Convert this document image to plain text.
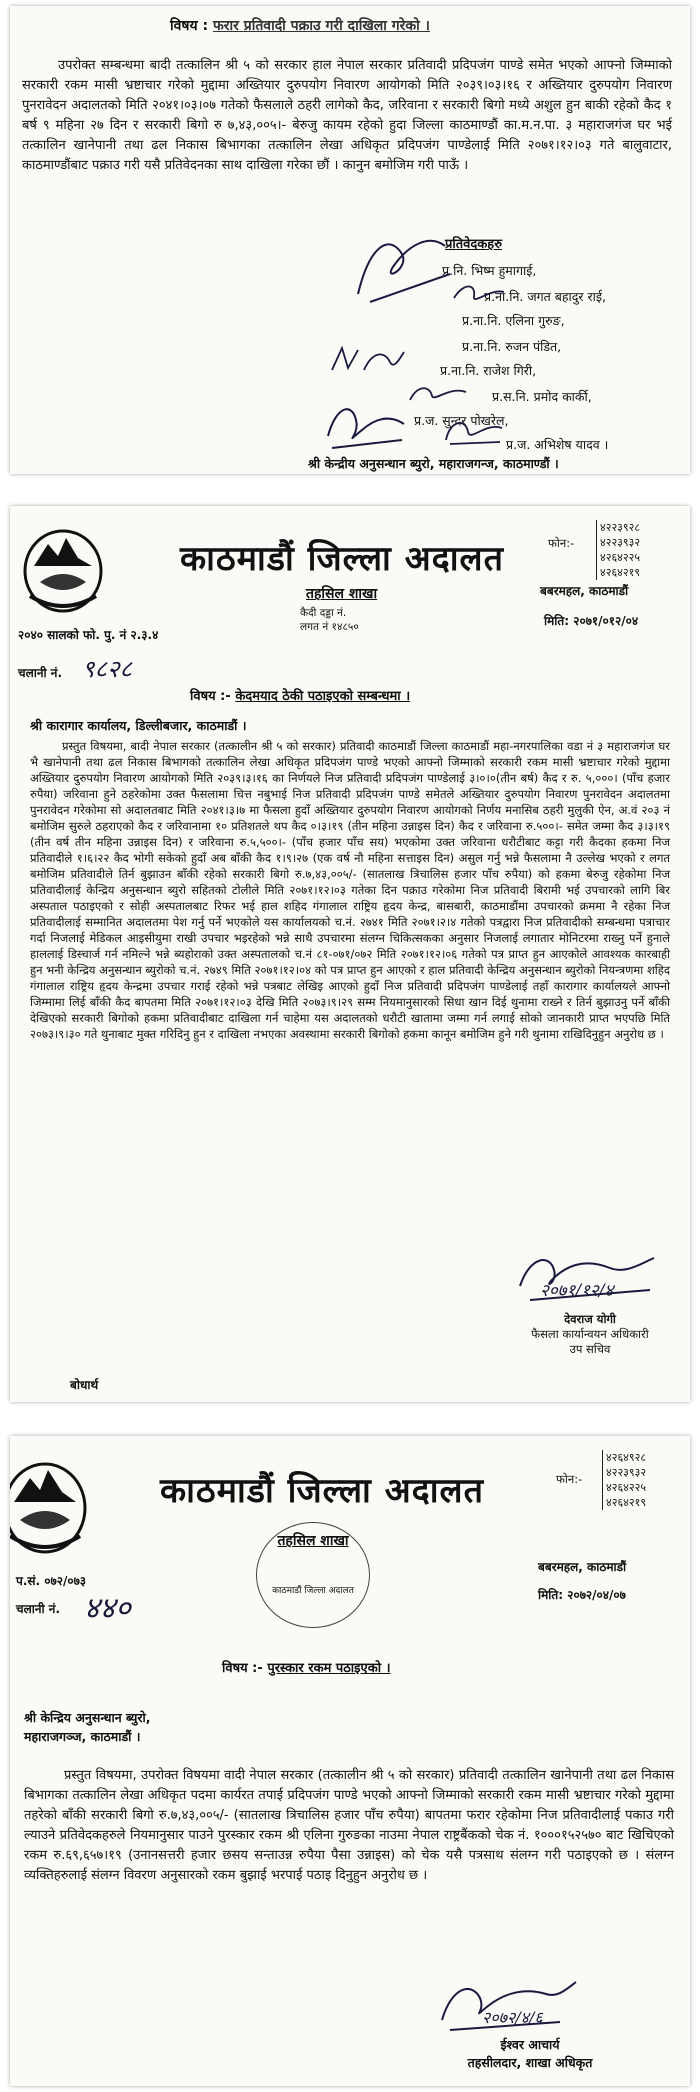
विषय : फरार प्रतिवादी पक्राउ गरी दाखिला गरेको ।
उपरोक्त सम्बन्धमा बादी तत्कालिन श्री ५ को सरकार हाल नेपाल सरकार प्रतिवादी प्रदिपजंग पाण्डे समेत भएको आफ्नो जिम्माको सरकारी रकम मासी भ्रष्टाचार गरेको मुद्दामा अख्तियार दुरुपयोग निवारण आयोगको मिति २०३९।०३।१६ र अख्तियार दुरुपयोग निवारण पुनरावेदन अदालतको मिति २०४१।०३।०७ गतेको फैसलाले ठहरी लागेको कैद, जरिवाना र सरकारी बिगो मध्ये अशुल हुन बाकी रहेको कैद १ बर्ष ९ महिना २७ दिन र सरकारी बिगो रु ७,४३,००५।- बेरुजु कायम रहेको हुदा जिल्ला काठमाण्डौं का.म.न.पा. ३ महाराजगंज घर भई तत्कालिन खानेपानी तथा ढल निकास बिभागका तत्कालिन लेखा अधिकृत प्रदिपजंग पाण्डेलाई मिति २०७१।१२।०३ गते बालुवाटार, काठमाण्डौंबाट पक्राउ गरी यसै प्रतिवेदनका साथ दाखिला गरेका छौं । कानुन बमोजिम गरी पाऊँ ।
प्रतिवेदकहरु
प्र.नि. भिष्म हुमागाई,
प्र.ना.नि. जगत बहादुर राई,
प्र.ना.नि. एलिना गुरुङ,
प्र.ना.नि. रुजन पंडित,
प्र.ना.नि. राजेश गिरी,
प्र.स.नि. प्रमोद कार्की,
प्र.ज. सुन्दर पोखरेल,
प्र.ज. अभिशेष यादव ।
श्री केन्द्रीय अनुसन्धान ब्युरो, महाराजगन्ज, काठमाण्डौं ।
काठमाडौं जिल्ला अदालत	फोन:-
४२२३९२८
४२२३९३२
४२६४२२५
४२६४२१९
तहसिल शाखा	बबरमहल, काठमाडौं
कैदी दड्डा नं.
लगत नं १४८५०
२०४० सालको फो. पु. नं २.३.४
मिति: २०७१/०१२/०४
चलानी नं. ९८२८
विषय :- केदमयाद ठेकी पठाइएको सम्बन्धमा ।
श्री कारागार कार्यालय, डिल्लीबजार, काठमाडौं ।
प्रस्तुत विषयमा, बादी नेपाल सरकार (तत्कालीन श्री ५ को सरकार) प्रतिवादी काठमाडौं जिल्ला काठमाडौं महा-नगरपालिका वडा नं ३ महाराजगंज घर भै खानेपानी तथा ढल निकास बिभागको तत्कालिन लेखा अधिकृत प्रदिपजंग पाण्डे भएको आफ्नो जिम्माको सरकारी रकम मासी भ्रष्टाचार गरेको मुद्दामा अख्तियार दुरुपयोग निवारण आयोगको मिति २०३९।३।१६ का निर्णयले निज प्रतिवादी प्रदिपजंग पाण्डेलाई ३।०।०(तीन बर्ष) कैद र रु. ५,०००। (पाँच हजार रुपैया) जरिवाना हुने ठहरेकोमा उक्त फैसलामा चित्त नबुभाई निज प्रतिवादी प्रदिपजंग पाण्डे समेतले अख्तियार दुरुपयोग निवारण पुनरावेदन अदालतमा पुनरावेदन गरेकोमा सो अदालतबाट मिति २०४१।३।७ मा फैसला हुदाँ अख्तियार दुरुपयोग निवारण आयोगको निर्णय मनासिब ठहरी मुलुकी ऐन, अ.वं २०३ नं बमोजिम सुरुले ठहराएको कैद र जरिवानामा १० प्रतिशतले थप कैद ०।३।१९ (तीन महिना उन्नाइस दिन) कैद र जरिवाना रु.५००।- समेत जम्मा कैद ३।३।१९ (तीन वर्ष तीन महिना उन्नाइस दिन) र जरिवाना रु.५,५००।- (पाँच हजार पाँच सय) भएकोमा उक्त जरिवाना धरौटीबाट कट्टा गरी कैदका हकमा निज प्रतिवादीले १।६।२२ कैद भोगी सकेको हुदाँ अब बाँकी कैद १।९।२७ (एक वर्ष नौ महिना सत्ताइस दिन) असुल गर्नु भन्ने फैसलामा नै उल्लेख भएको र लगत बमोजिम प्रतिवादीले तिर्न बुझाउन बाँकी रहेको सरकारी बिगो रु.७,४३,००५/- (सातलाख त्रिचालिस हजार पाँच रुपैया) को हकमा बेरुजु रहेकोमा निज प्रतिवादीलाई केन्द्रिय अनुसन्धान ब्युरो सहितको टोलीले मिति २०७१।१२।०३ गतेका दिन पक्राउ गरेकोमा निज प्रतिवादी बिरामी भई उपचारको लागि बिर अस्पताल पठाइएको र सोही अस्पतालबाट रिफर भई हाल शहिद गंगालाल राष्ट्रिय हृदय केन्द्र, बासबारी, काठमाडौंमा उपचारको क्रममा नै रहेका निज प्रतिवादीलाई सम्मानित अदालतमा पेश गर्नु पर्ने भएकोले यस कार्यालयको च.नं. २७४१ मिति २०७१।२।४ गतेको पत्रद्वारा निज प्रतिवादीको सम्बन्धमा पत्राचार गर्दा निजलाई मेडिकल आइसीयुमा राखी उपचार भइरहेको भन्ने साथै उपचारमा संलग्न चिकित्सकका अनुसार निजलाई लगातार मोनिटरमा राख्नु पर्ने हुनाले हाललाई डिस्चार्ज गर्न नमिल्ने भन्ने ब्यहोराको उक्त अस्पतालको च.नं ८१-०७१/०७२ मिति २०७१।१२।०६ गतेको पत्र प्राप्त हुन आएकोले आवश्यक कारबाही हुन भनी केन्द्रिय अनुसन्धान ब्युरोको च.नं. २७४९ मिति २०७१।१२।०४ को पत्र प्राप्त हुन आएको र हाल प्रतिवादी केन्द्रिय अनुसन्धान ब्युरोको नियन्त्रणमा शहिद गंगालाल राष्ट्रिय हृदय केन्द्रमा उपचार गराई रहेको भन्ने पत्रबाट लेखिइ आएको हुदाँ निज प्रतिवादी प्रदिपजंग पाण्डेलाई तहाँ कारागार कार्यालयले आफ्नो जिम्मामा लिई बाँकी कैद बापतमा मिति २०७१।१२।०३ देखि मिति २०७३।९।२९ सम्म नियमानुसारको सिधा खान दिई थुनामा राख्ने र तिर्न बुझाउनु पर्ने बाँकी देखिएको सरकारी बिगोको हकमा प्रतिवादीबाट दाखिला गर्न चाहेमा यस अदालतको धरौटी खातामा जम्मा गर्न लगाई सोको जानकारी प्राप्त भएपछि मिति २०७३।९।३० गते थुनाबाट मुक्त गरिदिनु हुन र दाखिला नभएका अवस्थामा सरकारी बिगोको हकमा कानून बमोजिम हुने गरी थुनामा राखिदिनुहुन अनुरोध छ ।
२०७१/१२/४
देवराज योगी
फैसला कार्यान्वयन अधिकारी
उप सचिव
बोधार्थ
काठमाडौं जिल्ला अदालत	फोन:-
४२६४९२८
४२२३९३२
४२६४२२५
४२६४२१९
तहसिल शाखा
काठमाडौं जिल्ला अदालत
प.सं. ०७२/०७३
चलानी नं. ४४०
बबरमहल, काठमाडौं
मिति: २०७२/०४/०७
विषय :- पुरस्कार रकम पठाइएको ।
श्री केन्द्रिय अनुसन्धान ब्युरो,
महाराजगञ्ज, काठमाडौं ।
प्रस्तुत विषयमा, उपरोक्त विषयमा वादी नेपाल सरकार (तत्कालीन श्री ५ को सरकार) प्रतिवादी तत्कालिन खानेपानी तथा ढल निकास बिभागका तत्कालिन लेखा अधिकृत पदमा कार्यरत तपाई प्रदिपजंग पाण्डे भएको आफ्नो जिम्माको सरकारी रकम मासी भ्रष्टाचार गरेको मुद्दामा तहरेको बाँकी सरकारी बिगो रु.७,४३,००५/- (सातलाख त्रिचालिस हजार पाँच रुपैया) बापतमा फरार रहेकोमा निज प्रतिवादीलाई पकाउ गरी ल्याउने प्रतिवेदकहरुले नियमानुसार पाउने पुरस्कार रकम श्री एलिना गुरुङका नाउमा नेपाल राष्ट्रबैंकको चेक नं. १०००१५२५७० बाट खिचिएको रकम रु.६९,६५७।१९ (उनानसत्तरी हजार छसय सन्ताउन्न रुपैया पैसा उन्नाइस) को चेक यसै पत्रसाथ संलग्न गरी पठाइएको छ । संलग्न व्यक्तिहरुलाई संलग्न विवरण अनुसारको रकम बुझाई भरपाई पठाइ दिनुहुन अनुरोध छ ।
२०७२/४/६
ईश्वर आचार्य
तहसीलदार, शाखा अधिकृत
